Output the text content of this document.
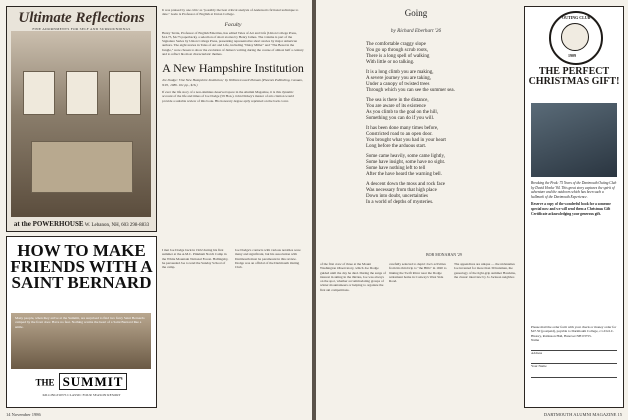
Ultimate Reflections
FINE ADORNMENTS FOR SELF AND SURROUNDINGS
at the POWERHOUSE W. Lebanon, NH, 603 298-8833

It was praised by one critic as "possibly the best critical analysis of Anderson's fictional technique to date." Gado is Professor of English at Union College.

Faculty

Henry Terrie, Professor of English Emeritus, has edited Tales of Art and Life (Union College Press, $14.75, $4.75 paperback), a selection of short stories by Henry James. The volume is part of the Signature Series by Union College Press, presenting representative short stories by major American authors. The eight stories in Tales of Art and Life, including "Daisy Miller" and "The Beast in the Jungle," were chosen to show the evolution of James's writing during the course of almost half a century and to reflect his most characteristic themes.

A New Hampshire Institution

Joe Dodge: 'One New Hampshire Institution,' by William Lowell Putnam (Phoenix Publishing, Canaan, N.H., 1986. 161 pp., $16.)

If ever the life story of a non-alumnus deserved space in the Alumni Magazine, it is this dynamic account of the life and times of Joe Dodge (59 Hon.). John Dickey's master of arts citation would provide a suitable review of this book. His honorary degree aptly reprinted on the back cover.

I met Joe Dodge back in 1922 during his first summer at the A.M.C. Pinkham Notch Camp in the White Mountain National Forest. Hallingsby, he persuaded Joe to tend the Sunday School of the camp.
Joe Dodge's contacts with various notables were many and significant, but his association with Dartmouth must be paramount in this review. Dodge was an official of the Dartmouth Outing Club.
HOW TO MAKE FRIENDS WITH A SAINT BERNARD
Many people, when they arrive at the Summit, are surprised to find two furry Saint Bernards camped by the front door. Have no fear. Nothing warms the heart of a Saint Bernard like a smile.
THE SUMMIT
KILLINGTON'S CLASSIC FOUR SEASON RESORT
14 November 1986
Going
by Richard Eberhart '26
The comfortable craggy slope
You go up through scrub roots,
There is a long spell of walking
With little or no talking.
It is a long climb you are making,
A severe journey you are taking,
Under a canopy of twisted trees
Through which you can see the summer sea.
The sea is there in the distance,
You are aware of its existence
As you climb to the goal on the hill,
Something you can do if you will.
It has been done many times before,
Constricted road to an open door.
You brought what you had in your heart
Long before the arduous start.
Some came heavily, some came lightly,
Some have insight, some have no sight.
Some have nothing left to tell
After the have heard the warning bell.
A descent down the moss and rock face
Was necessary from that high place
Down into doubt, uncertainties
In a world of depths of mysteries.
BOB MONAHAN '29
of the first crew of three at the Mount Washington Observatory, which Joe Dodge guided until the day he died. During the surge of interest in skiing in the thirties, Joe was always on the spot, whether accommodating groups of winter mountaineers or helping to organize the first ski competitions.
carefully selected to depict Joe's activities from his third trip to "the Hills" in 1920 to linking the Swift River near the Dodge retirement home in Conway's West Side Road.
The appendices are unique — the nicknames Joe invented for more than 30 hutsmen, the genealogy of the tight-grip summer Hawkins, the classic interview by Jo Jackson neighbor.
OUTING CLUB
1909
THE PERFECT CHRISTMAS GIFT!
Breaking the Peak: 75 Years of the Dartmouth Outing Club by David Hooke '84. This great story captures the spirit of adventure and the outdoors which has been such a hallmark of the Dartmouth Experience.
Reserve a copy of the wonderful book for a someone special now and we will send them a Christmas Gift Certificate acknowledging your generous gift.
Please mail the order form with your check or money order for $47.50 (postpaid), payable to Dartmouth College, c/o D.O.C. History, Robinson Hall, Hanover NH 03755.
Name
Address
Your Name
DARTMOUTH ALUMNI MAGAZINE 15
